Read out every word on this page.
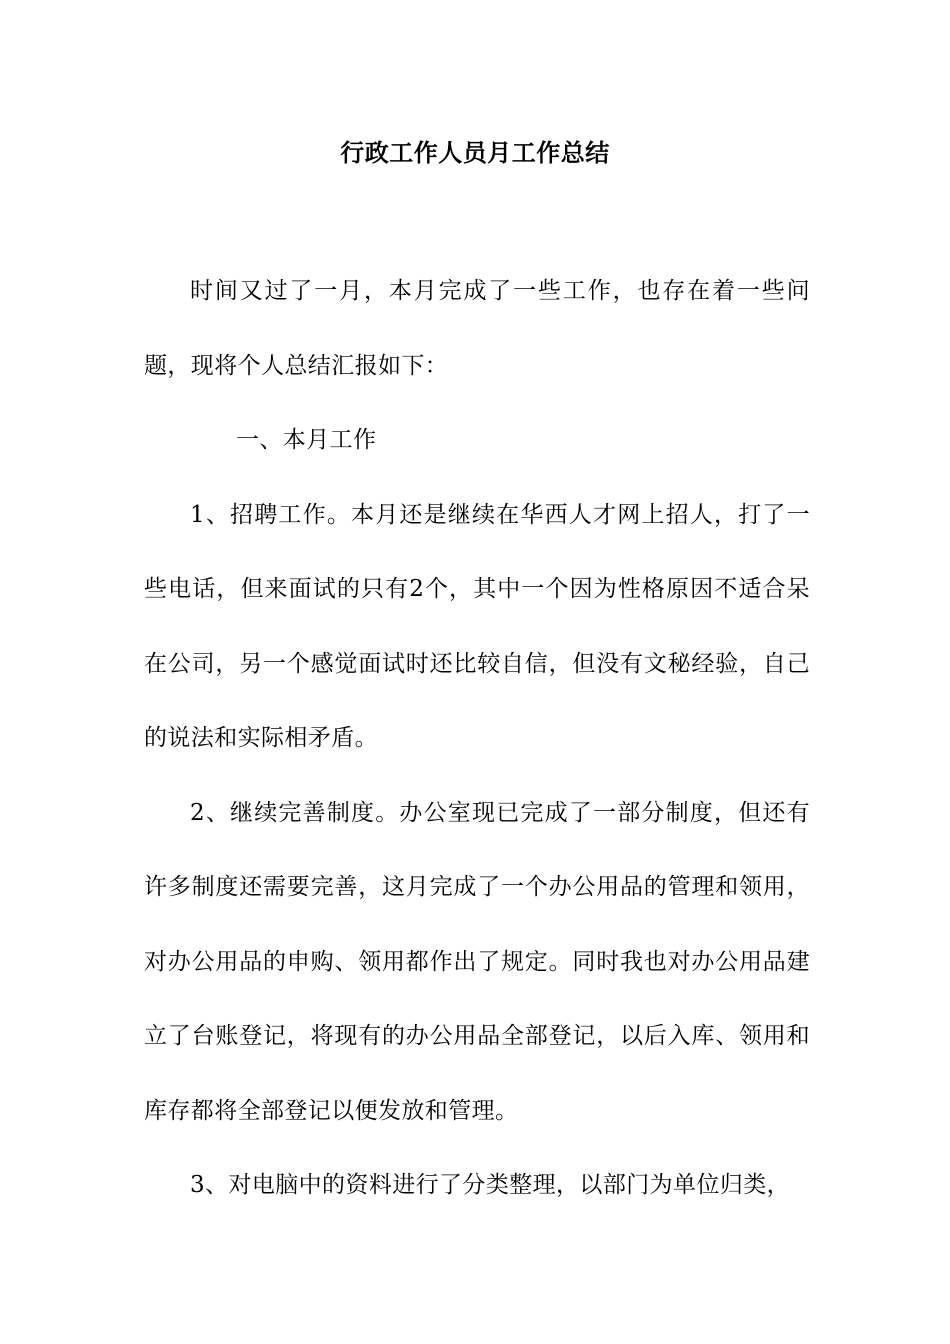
行政工作人员月工作总结

时间又过了一月，本月完成了一些工作，也存在着一些问题，现将个人总结汇报如下：

一、本月工作

1、招聘工作。本月还是继续在华西人才网上招人，打了一些电话，但来面试的只有2个，其中一个因为性格原因不适合呆在公司，另一个感觉面试时还比较自信，但没有文秘经验，自己的说法和实际相矛盾。

2、继续完善制度。办公室现已完成了一部分制度，但还有许多制度还需要完善，这月完成了一个办公用品的管理和领用，对办公用品的申购、领用都作出了规定。同时我也对办公用品建立了台账登记，将现有的办公用品全部登记，以后入库、领用和库存都将全部登记以便发放和管理。

3、对电脑中的资料进行了分类整理，以部门为单位归类，
